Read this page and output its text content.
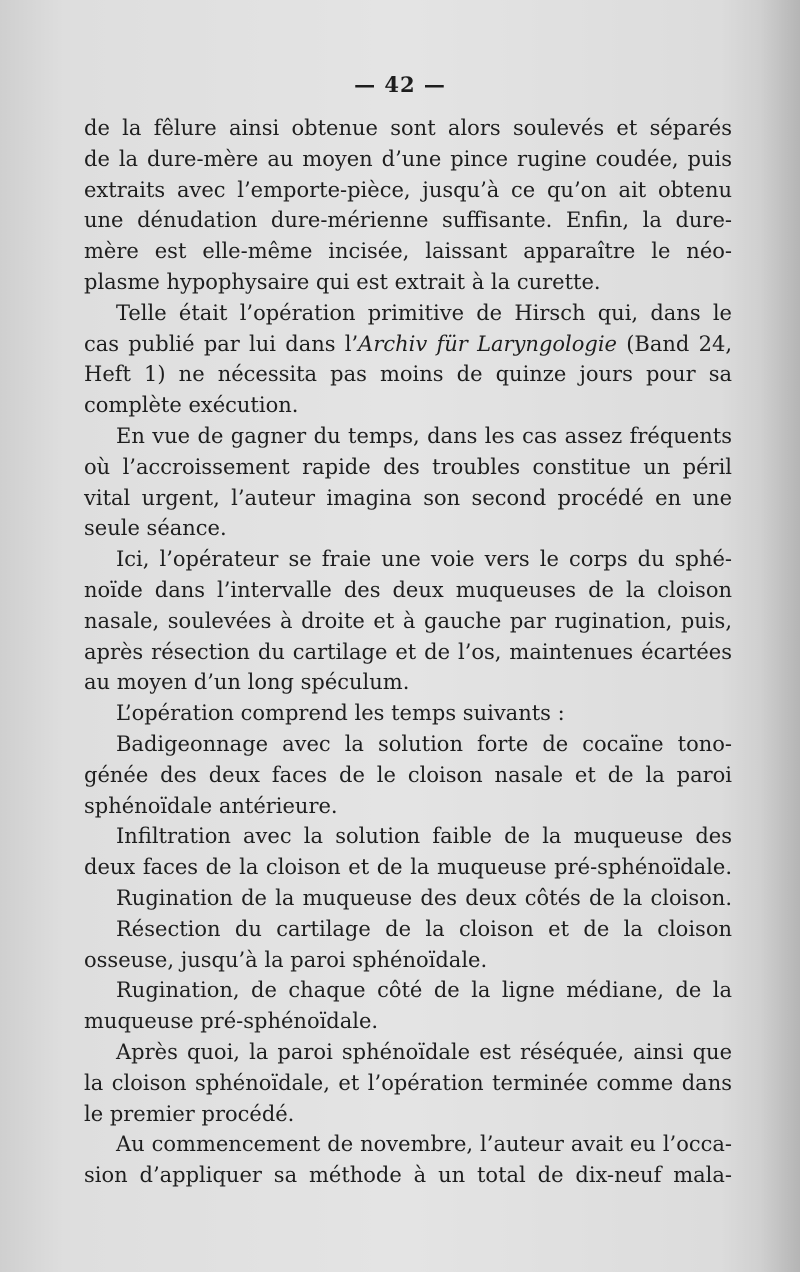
— 42 —
de la fêlure ainsi obtenue sont alors soulevés et séparés
de la dure-mère au moyen d’une pince rugine coudée, puis
extraits avec l’emporte-pièce, jusqu’à ce qu’on ait obtenu
une dénudation dure-mérienne suffisante. Enfin, la dure-
mère est elle-même incisée, laissant apparaître le néo-
plasme hypophysaire qui est extrait à la curette.
Telle était l’opération primitive de Hirsch qui, dans le
cas publié par lui dans l’Archiv für Laryngologie (Band 24,
Heft 1) ne nécessita pas moins de quinze jours pour sa
complète exécution.
En vue de gagner du temps, dans les cas assez fréquents
où l’accroissement rapide des troubles constitue un péril
vital urgent, l’auteur imagina son second procédé en une
seule séance.
Ici, l’opérateur se fraie une voie vers le corps du sphé-
noïde dans l’intervalle des deux muqueuses de la cloison
nasale, soulevées à droite et à gauche par rugination, puis,
après résection du cartilage et de l’os, maintenues écartées
au moyen d’un long spéculum.
L’opération comprend les temps suivants :
Badigeonnage avec la solution forte de cocaïne tono-
génée des deux faces de le cloison nasale et de la paroi
sphénoïdale antérieure.
Infiltration avec la solution faible de la muqueuse des
deux faces de la cloison et de la muqueuse pré-sphénoïdale.
Rugination de la muqueuse des deux côtés de la cloison.
Résection du cartilage de la cloison et de la cloison
osseuse, jusqu’à la paroi sphénoïdale.
Rugination, de chaque côté de la ligne médiane, de la
muqueuse pré-sphénoïdale.
Après quoi, la paroi sphénoïdale est réséquée, ainsi que
la cloison sphénoïdale, et l’opération terminée comme dans
le premier procédé.
Au commencement de novembre, l’auteur avait eu l’occa-
sion d’appliquer sa méthode à un total de dix-neuf mala-
